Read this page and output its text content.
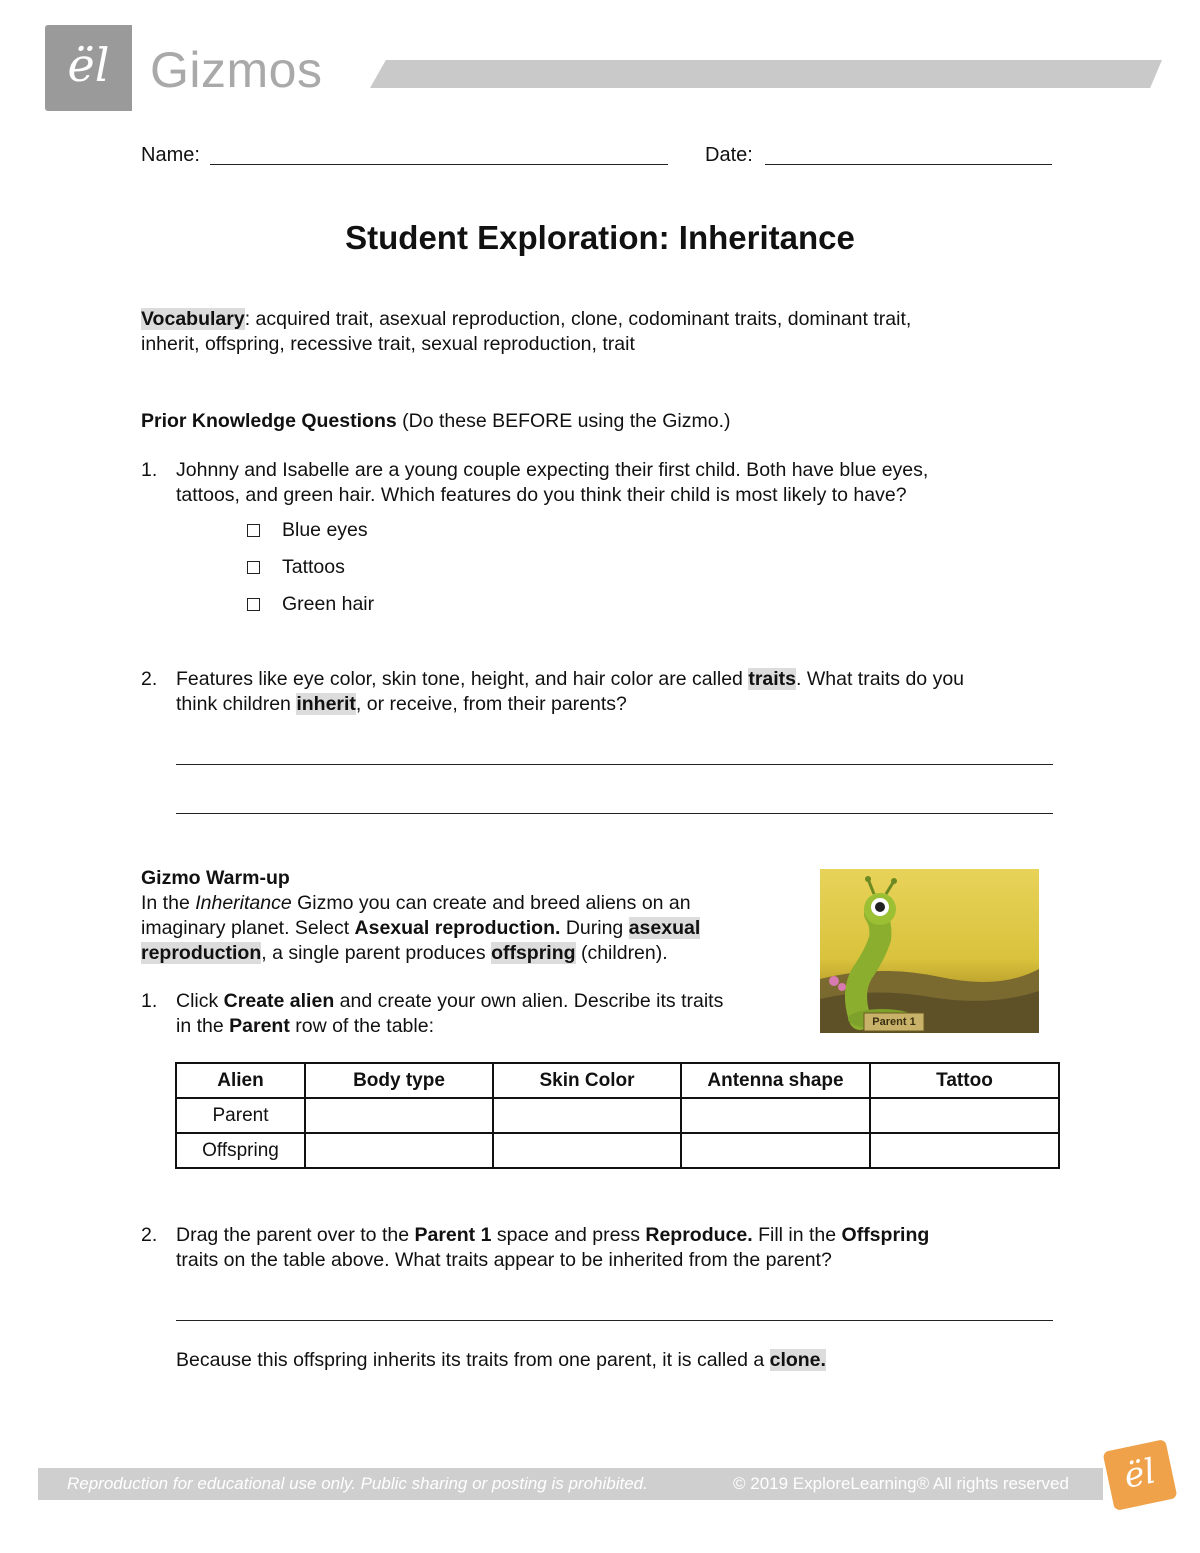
ël Gizmos
Name:	Date:
Student Exploration: Inheritance
Vocabulary: acquired trait, asexual reproduction, clone, codominant traits, dominant trait,
inherit, offspring, recessive trait, sexual reproduction, trait
Prior Knowledge Questions (Do these BEFORE using the Gizmo.)
1. Johnny and Isabelle are a young couple expecting their first child. Both have blue eyes,
tattoos, and green hair. Which features do you think their child is most likely to have?
Blue eyes
Tattoos
Green hair
2. Features like eye color, skin tone, height, and hair color are called traits. What traits do you
think children inherit, or receive, from their parents?
Gizmo Warm-up
In the Inheritance Gizmo you can create and breed aliens on an
imaginary planet. Select Asexual reproduction. During asexual
reproduction, a single parent produces offspring (children).
Parent 1
1. Click Create alien and create your own alien. Describe its traits
in the Parent row of the table:
Alien	Body type	Skin Color	Antenna shape	Tattoo
Parent				
Offspring				
2. Drag the parent over to the Parent 1 space and press Reproduce. Fill in the Offspring
traits on the table above. What traits appear to be inherited from the parent?
Because this offspring inherits its traits from one parent, it is called a clone.
Reproduction for educational use only. Public sharing or posting is prohibited.	© 2019 ExploreLearning® All rights reserved	ël
